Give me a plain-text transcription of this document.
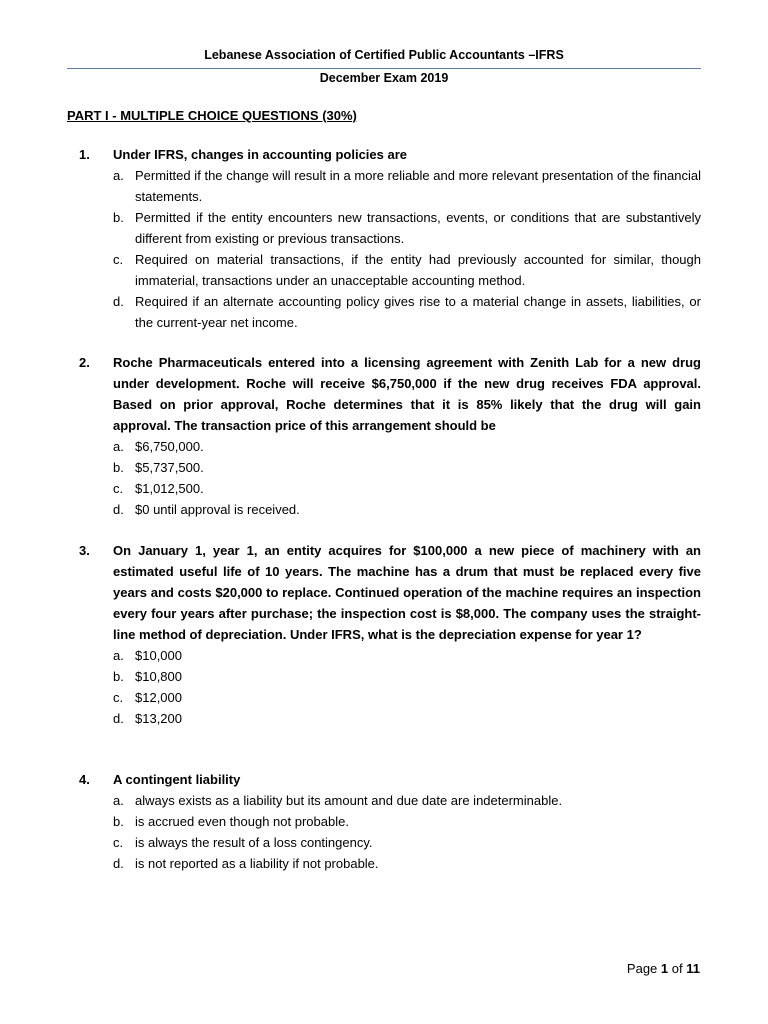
Lebanese Association of Certified Public Accountants –IFRS
December Exam 2019
PART I - MULTIPLE CHOICE QUESTIONS (30%)
1. Under IFRS, changes in accounting policies are
a. Permitted if the change will result in a more reliable and more relevant presentation of the financial statements.
b. Permitted if the entity encounters new transactions, events, or conditions that are substantively different from existing or previous transactions.
c. Required on material transactions, if the entity had previously accounted for similar, though immaterial, transactions under an unacceptable accounting method.
d. Required if an alternate accounting policy gives rise to a material change in assets, liabilities, or the current-year net income.
2. Roche Pharmaceuticals entered into a licensing agreement with Zenith Lab for a new drug under development. Roche will receive $6,750,000 if the new drug receives FDA approval. Based on prior approval, Roche determines that it is 85% likely that the drug will gain approval. The transaction price of this arrangement should be
a. $6,750,000.
b. $5,737,500.
c. $1,012,500.
d. $0 until approval is received.
3. On January 1, year 1, an entity acquires for $100,000 a new piece of machinery with an estimated useful life of 10 years. The machine has a drum that must be replaced every five years and costs $20,000 to replace. Continued operation of the machine requires an inspection every four years after purchase; the inspection cost is $8,000. The company uses the straight-line method of depreciation. Under IFRS, what is the depreciation expense for year 1?
a. $10,000
b. $10,800
c. $12,000
d. $13,200
4. A contingent liability
a. always exists as a liability but its amount and due date are indeterminable.
b. is accrued even though not probable.
c. is always the result of a loss contingency.
d. is not reported as a liability if not probable.
Page 1 of 11
